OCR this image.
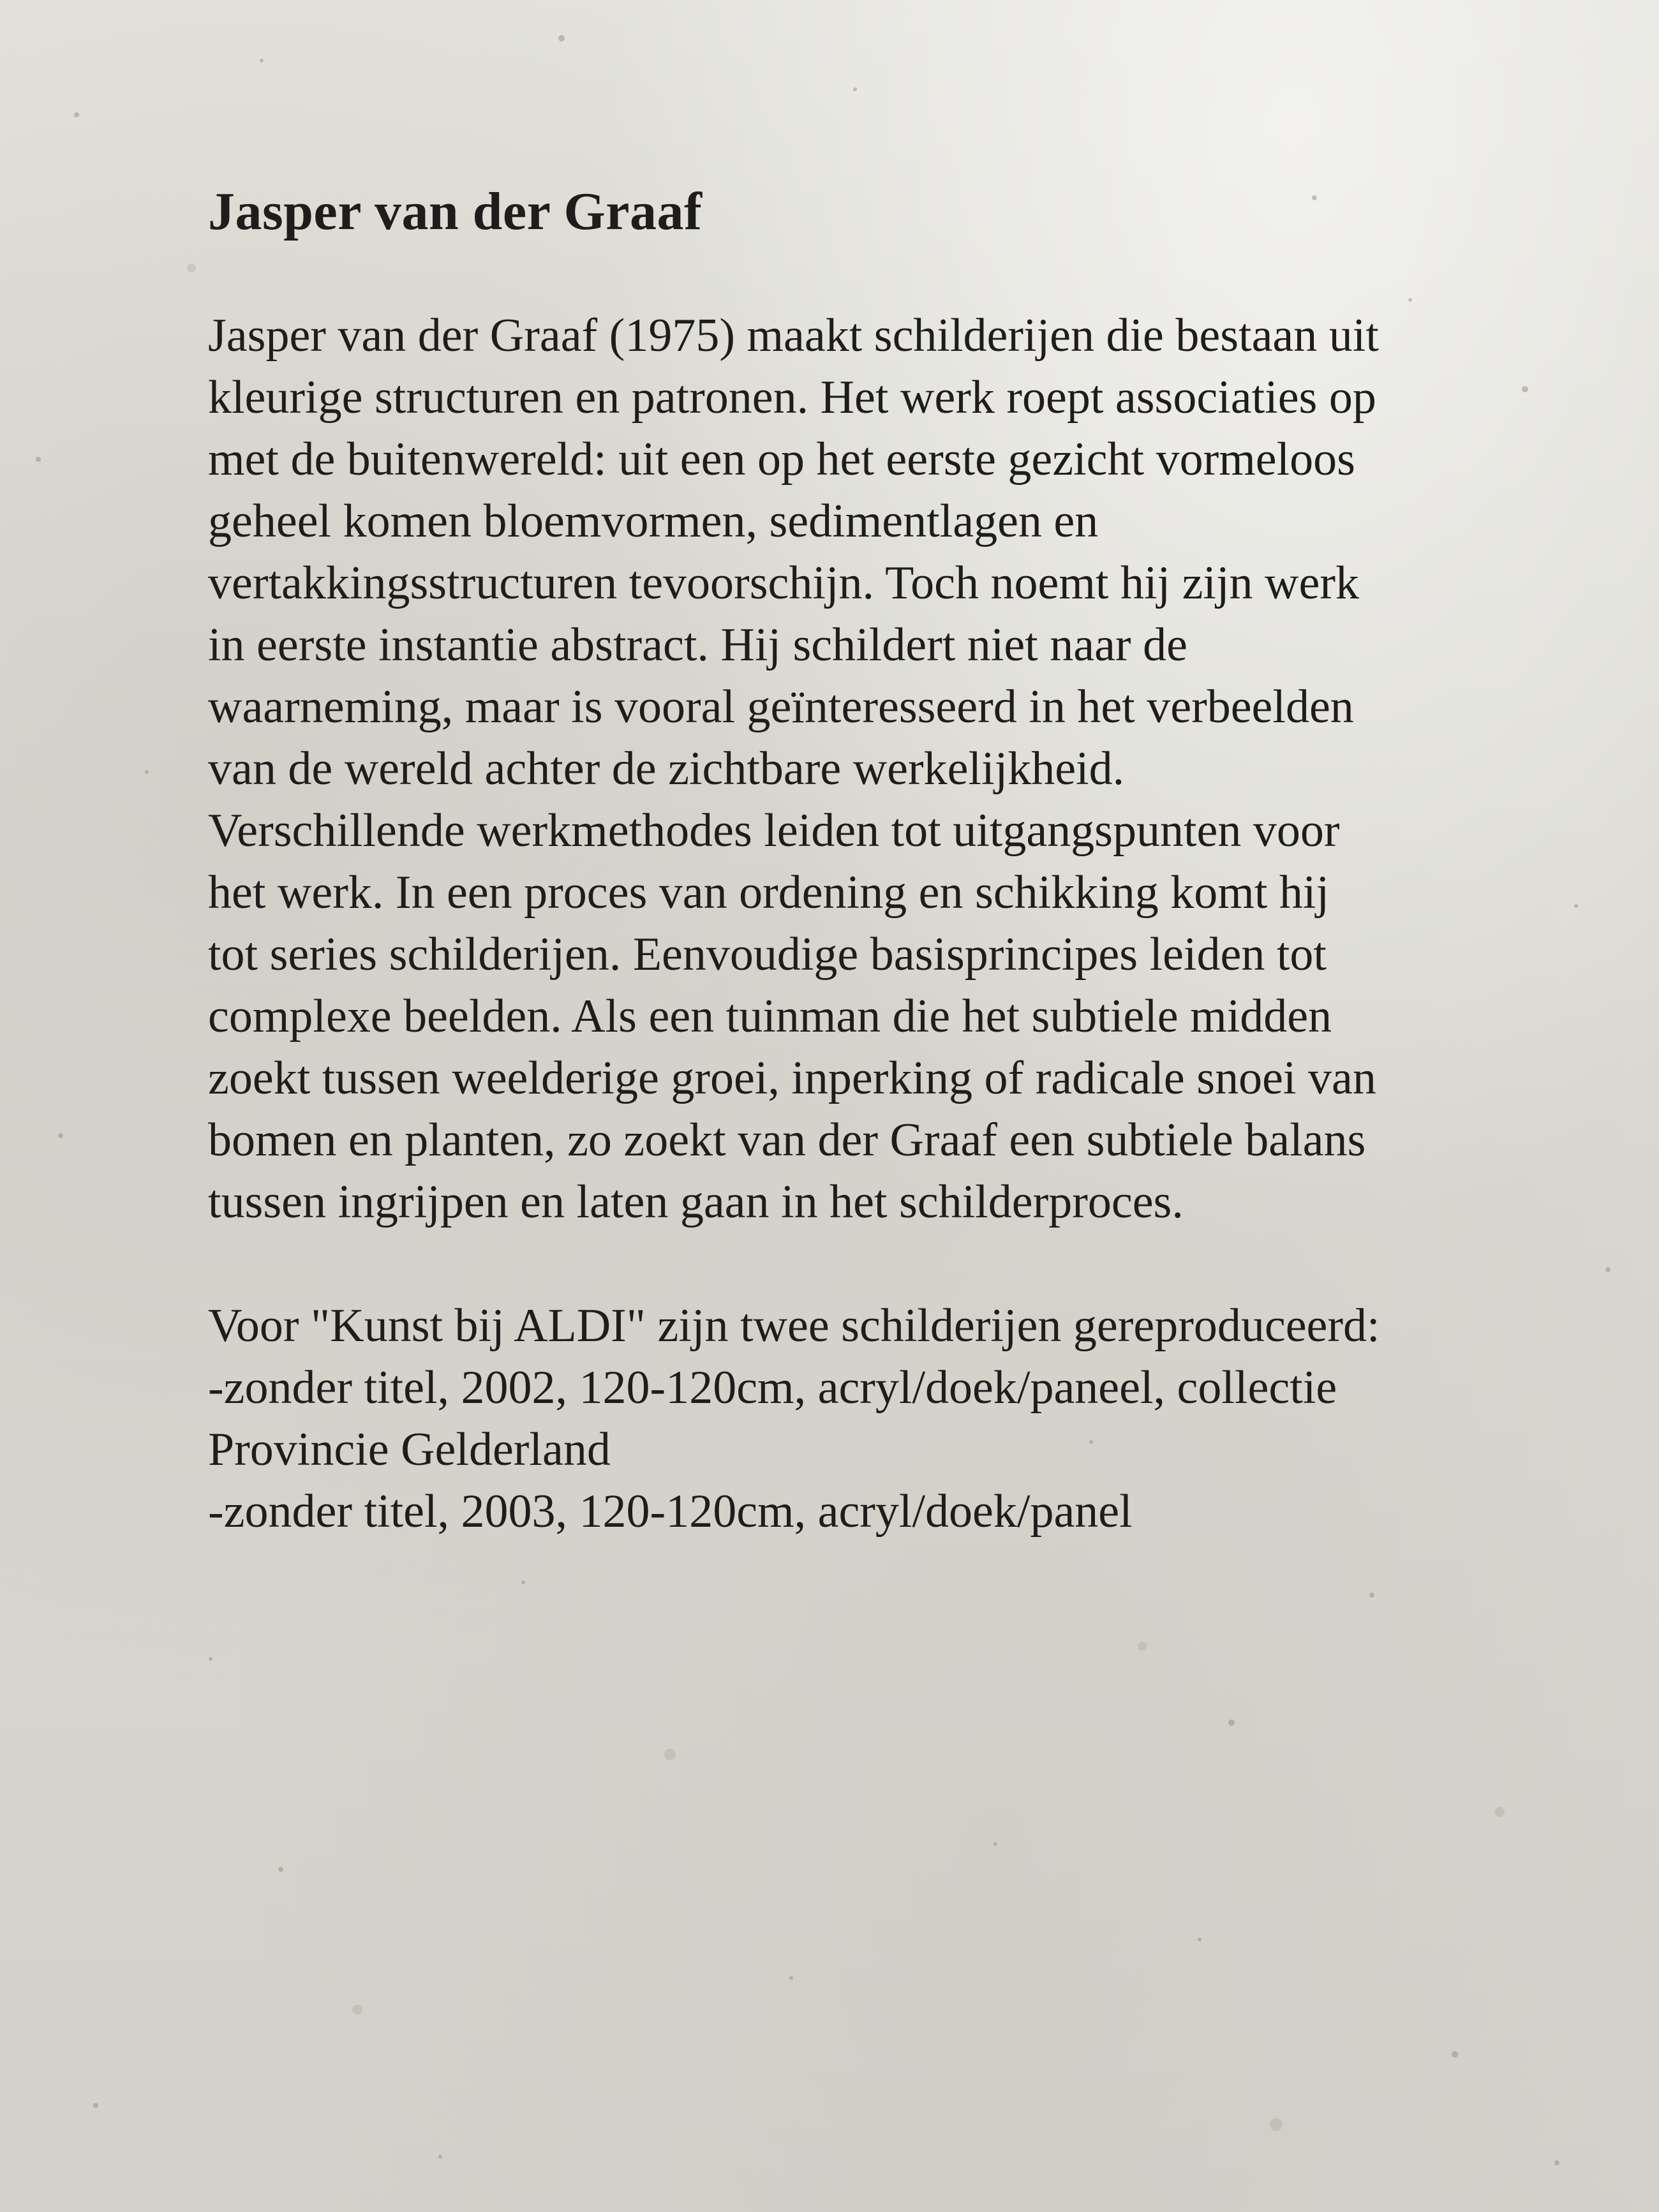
Jasper van der Graaf
Jasper van der Graaf (1975) maakt schilderijen die bestaan uit
kleurige structuren en patronen. Het werk roept associaties op
met de buitenwereld: uit een op het eerste gezicht vormeloos
geheel komen bloemvormen, sedimentlagen en
vertakkingsstructuren tevoorschijn. Toch noemt hij zijn werk
in eerste instantie abstract. Hij schildert niet naar de
waarneming, maar is vooral geïnteresseerd in het verbeelden
van de wereld achter de zichtbare werkelijkheid.
Verschillende werkmethodes leiden tot uitgangspunten voor
het werk. In een proces van ordening en schikking komt hij
tot series schilderijen. Eenvoudige basisprincipes leiden tot
complexe beelden. Als een tuinman die het subtiele midden
zoekt tussen weelderige groei, inperking of radicale snoei van
bomen en planten, zo zoekt van der Graaf een subtiele balans
tussen ingrijpen en laten gaan in het schilderproces.
Voor "Kunst bij ALDI" zijn twee schilderijen gereproduceerd:
-zonder titel, 2002, 120-120cm, acryl/doek/paneel, collectie
Provincie Gelderland
-zonder titel, 2003, 120-120cm, acryl/doek/panel
